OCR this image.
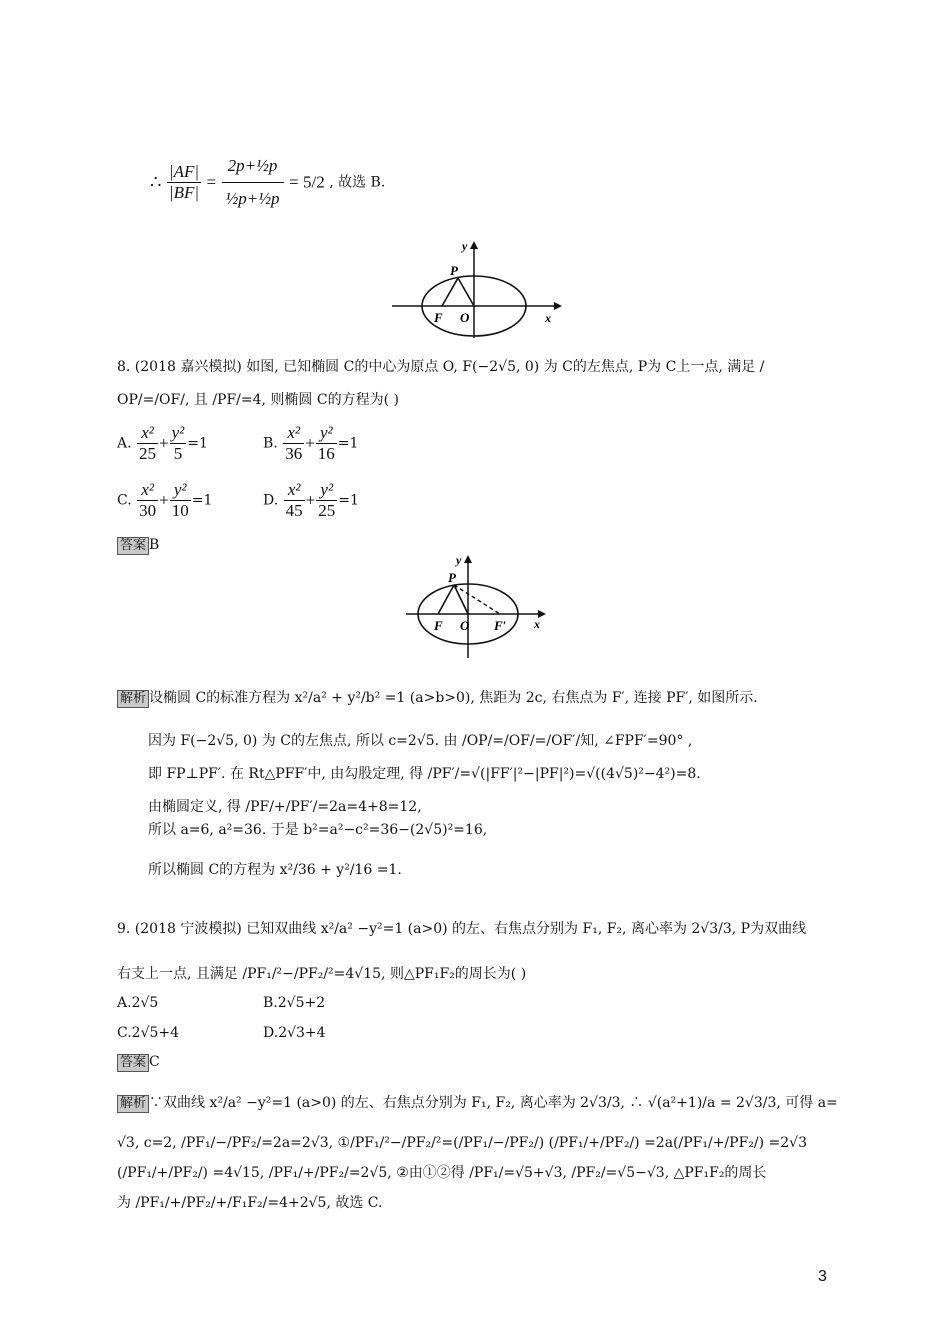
∴ $\frac{|AF|}{|BF|} = \frac{\text{2p+½p}}{\text{½p+½p}} = 5/2$ , 故选 B.
y
P
F O	x
8. (2018 嘉兴模拟) 如图, 已知椭圆 C的中心为原点 O, F(−2√5, 0) 为 C的左焦点, P为 C上一点, 满足 /
OP/=/OF/, 且 /PF/=4, 则椭圆 C的方程为( )
A. $\frac{\text{x²}}{25} + \frac{\text{y²}}{5} =1$	B. $\frac{\text{x²}}{36} + \frac{\text{y²}}{16} =1$
C. $\frac{\text{x²}}{30} + \frac{\text{y²}}{10} =1$	D. $\frac{\text{x²}}{45} + \frac{\text{y²}}{25} =1$
答案 B
y
P
F O F′ x
解析 设椭圆 C的标准方程为 x²/a² + y²/b² =1 (a>b>0), 焦距为 2c, 右焦点为 F′, 连接 PF′, 如图所示.
因为 F(−2√5, 0) 为 C的左焦点, 所以 c=2√5. 由 /OP/=/OF/=/OF′/知, ∠FPF′=90° ,
即 FP⊥PF′. 在 Rt△PFF′中, 由勾股定理, 得 /PF′/=√(|FF′|²−|PF|²)=√((4√5)²−4²)=8.
由椭圆定义, 得 /PF/+/PF′/=2a=4+8=12,
所以 a=6, a²=36. 于是 b²=a²−c²=36−(2√5)²=16,
所以椭圆 C的方程为 x²/36 + y²/16 =1.
9. (2018 宁波模拟) 已知双曲线 x²/a² −y²=1 (a>0) 的左、右焦点分别为 F₁, F₂, 离心率为 2√3/3, P为双曲线
右支上一点, 且满足 /PF₁/²−/PF₂/²=4√15, 则△PF₁F₂的周长为( )
A.2√5	B.2√5+2
C.2√5+4	D.2√3+4
答案 C
解析 ∵双曲线 x²/a² −y²=1 (a>0) 的左、右焦点分别为 F₁, F₂, 离心率为 2√3/3, ∴ √(a²+1)/a = 2√3/3, 可得 a=
√3, c=2, /PF₁/−/PF₂/=2a=2√3, ①/PF₁/²−/PF₂/²=(/PF₁/−/PF₂/) (/PF₁/+/PF₂/) =2a(/PF₁/+/PF₂/) =2√3
(/PF₁/+/PF₂/) =4√15, /PF₁/+/PF₂/=2√5, ②由①②得 /PF₁/=√5+√3, /PF₂/=√5−√3, △PF₁F₂的周长
为 /PF₁/+/PF₂/+/F₁F₂/=4+2√5, 故选 C.
3
